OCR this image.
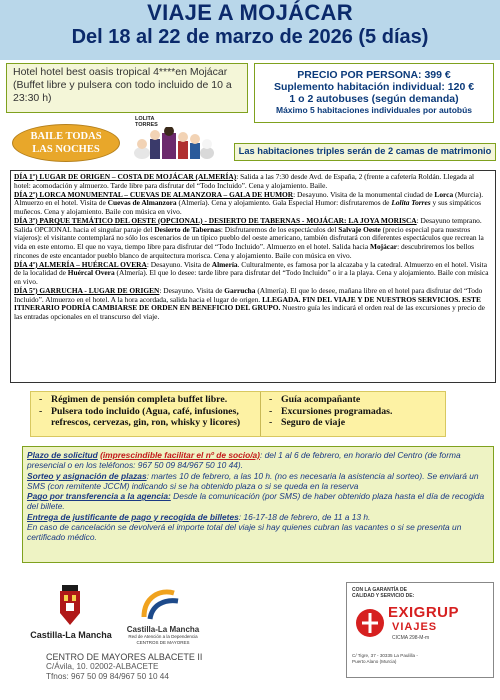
VIAJE A MOJÁCAR
Del 18 al 22 de marzo de 2026 (5 días)
Hotel hotel best oasis tropical 4****en Mojácar (Buffet libre y pulsera con todo incluido de 10 a 23:30 h)
PRECIO POR PERSONA: 399 €
Suplemento habitación individual: 120 €
1 o 2 autobuses (según demanda)
Máximo 5 habitaciones individuales por autobús
BAILE TODAS
LAS NOCHES
LOLITA
TORRES
Las habitaciones triples serán de 2 camas de matrimonio

DÍA 1º) LUGAR DE ORIGEN – COSTA DE MOJÁCAR (ALMERÍA): Salida a las 7:30 desde Avd. de España, 2 (frente a cafetería Roldán. Llegada al hotel: acomodación y almuerzo. Tarde libre para disfrutar del “Todo Incluido”. Cena y alojamiento. Baile.

DÍA 2º) LORCA MONUMENTAL – CUEVAS DE ALMANZORA – GALA DE HUMOR: Desayuno. Visita de la monumental ciudad de Lorca (Murcia). Almuerzo en el hotel. Visita de Cuevas de Almanzora (Almería). Cena y alojamiento. Gala Especial Humor: disfrutaremos de Lolita Torres y sus simpáticos muñecos. Cena y alojamiento. Baile con música en vivo.

DÍA 3º) PARQUE TEMÁTICO DEL OESTE (OPCIONAL) - DESIERTO DE TABERNAS - MOJÁCAR: LA JOYA MORISCA: Desayuno temprano. Salida OPCIONAL hacia el singular paraje del Desierto de Tabernas: Disfrutaremos de los espectáculos del Salvaje Oeste (precio especial para nuestros viajeros): el visitante contemplará no sólo los escenarios de un típico pueblo del oeste americano, también disfrutará con diferentes espectáculos que recrean la vida en este entorno. El que no vaya, tiempo libre para disfrutar del “Todo Incluido”. Almuerzo en el hotel. Salida hacia Mojácar: descubriremos los bellos rincones de este encantador pueblo blanco de arquitectura morisca. Cena y alojamiento. Baile con música en vivo.

DÍA 4º) ALMERÍA – HUÉRCAL OVERA: Desayuno. Visita de Almería. Culturalmente, es famosa por la alcazaba y la catedral. Almuerzo en el hotel. Visita de la localidad de Huércal Overa (Almería). El que lo desee: tarde libre para disfrutar del “Todo Incluido” o ir a la playa. Cena y alojamiento. Baile con música en vivo.

DÍA 5º) GARRUCHA - LUGAR DE ORIGEN: Desayuno. Visita de Garrucha (Almería). El que lo desee, mañana libre en el hotel para disfrutar del “Todo Incluido”. Almuerzo en el hotel. A la hora acordada, salida hacia el lugar de origen. LLEGADA. FIN DEL VIAJE Y DE NUESTROS SERVICIOS. ESTE ITINERARIO PODRÍA CAMBIARSE DE ORDEN EN BENEFICIO DEL GRUPO. Nuestro guía les indicará el orden real de las excursiones y precio de las entradas opcionales en el transcurso del viaje.

- Régimen de pensión completa buffet libre.
- Pulsera todo incluido (Agua, café, infusiones, refrescos, cervezas, gin, ron, whisky y licores)
- Guía acompañante
- Excursiones programadas.
- Seguro de viaje

Plazo de solicitud (imprescindible facilitar el nº de socio/a): del 1 al 6 de febrero, en horario del Centro (de forma presencial o en los teléfonos: 967 50 09 84/967 50 10 44).

Sorteo y asignación de plazas: martes 10 de febrero, a las 10 h. (no es necesaria la asistencia al sorteo). Se enviará un SMS (con remitente JCCM) indicando si se ha obtenido plaza o si se queda en la reserva

Pago por transferencia a la agencia: Desde la comunicación (por SMS) de haber obtenido plaza hasta el día de recogida del billete.

Entrega de justificante de pago y recogida de billetes: 16-17-18 de febrero, de 11 a 13 h.

En caso de cancelación se devolverá el importe total del viaje si hay quienes cubran las vacantes o si se presenta un certificado médico.

Castilla-La Mancha
Castilla-La Mancha
Red de Atención a la Dependencia
CENTROS DE MAYORES
CON LA GARANTÍA DE
CALIDAD Y SERVICIO DE:
EXIGRUP
VIAJES
CICMA 298-M-m
C/ Tigre, 37 - 30335 La Paulilla -
Puerto Alano (Murcia)
CENTRO DE MAYORES ALBACETE II
C/Ávila, 10. 02002-ALBACETE
Tfnos: 967 50 09 84/967 50 10 44
